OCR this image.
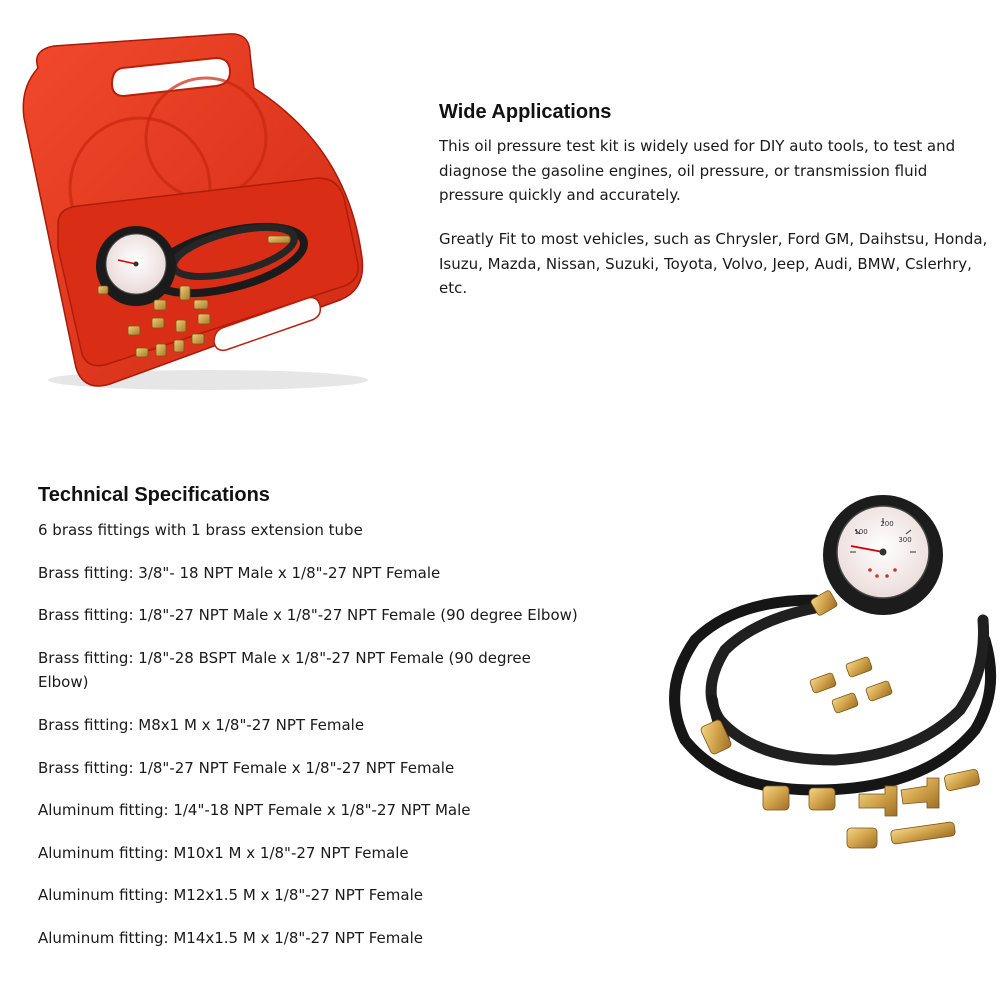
Wide Applications
This oil pressure test kit is widely used for DIY auto tools, to test and diagnose the gasoline engines, oil pressure, or transmission fluid pressure quickly and accurately.
Greatly Fit to most vehicles, such as Chrysler, Ford GM, Daihstsu, Honda, Isuzu, Mazda, Nissan, Suzuki, Toyota, Volvo, Jeep, Audi, BMW, Cslerhry, etc.
Technical Specifications
6 brass fittings with 1 brass extension tube
Brass fitting: 3/8"- 18 NPT Male x 1/8"-27 NPT Female
Brass fitting: 1/8"-27 NPT Male x 1/8"-27 NPT Female (90 degree Elbow)
Brass fitting: 1/8"-28 BSPT Male x 1/8"-27 NPT Female (90 degree Elbow)
Brass fitting: M8x1 M x 1/8"-27 NPT Female
Brass fitting: 1/8"-27 NPT Female x 1/8"-27 NPT Female
Aluminum fitting: 1/4"-18 NPT Female x 1/8"-27 NPT Male
Aluminum fitting: M10x1 M x 1/8"-27 NPT Female
Aluminum fitting: M12x1.5 M x 1/8"-27 NPT Female
Aluminum fitting: M14x1.5 M x 1/8"-27 NPT Female
100
200
300
